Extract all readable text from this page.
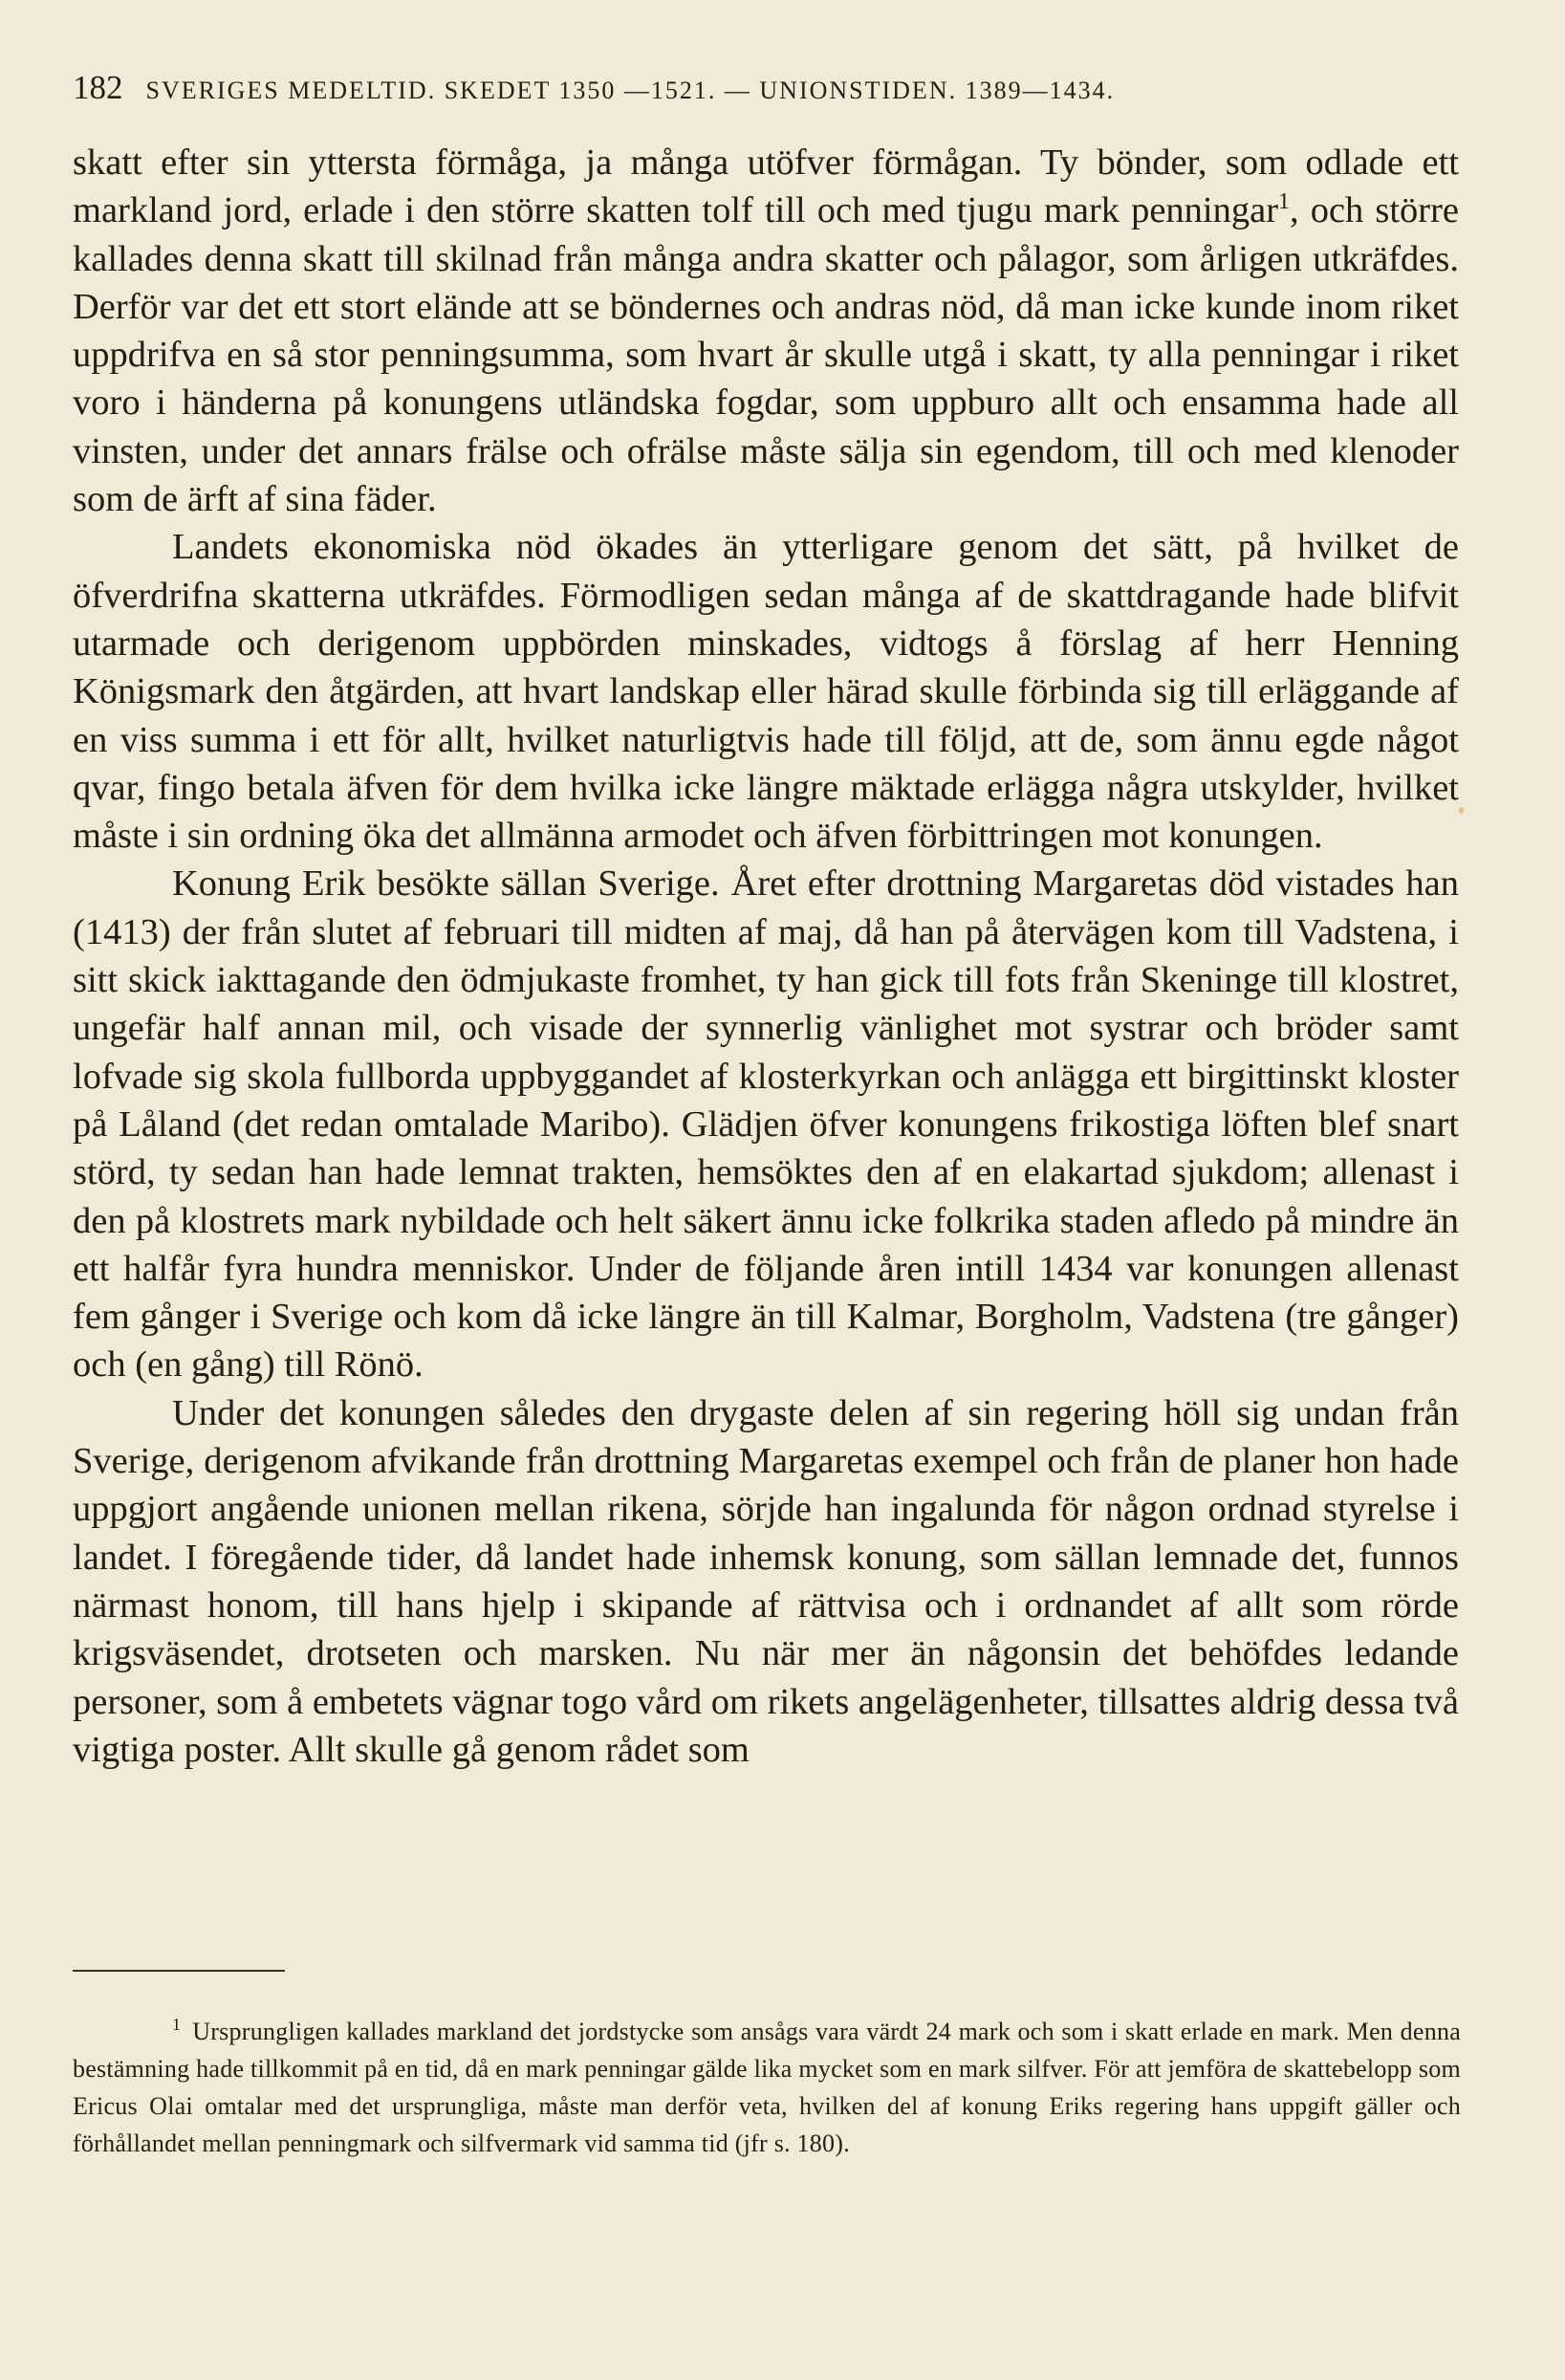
182 SVERIGES MEDELTID. SKEDET 1350 —1521. — UNIONSTIDEN. 1389—1434.

skatt efter sin yttersta förmåga, ja många utöfver förmågan. Ty bönder, som odlade ett markland jord, erlade i den större skatten tolf till och med tjugu mark penningar$^1$, och större kallades denna skatt till skilnad från många andra skatter och pålagor, som årligen utkräfdes. Derför var det ett stort elände att se böndernes och andras nöd, då man icke kunde inom riket uppdrifva en så stor penningsumma, som hvart år skulle utgå i skatt, ty alla penningar i riket voro i händerna på konungens utländska fogdar, som uppburo allt och ensamma hade all vinsten, under det annars frälse och ofrälse måste sälja sin egendom, till och med klenoder som de ärft af sina fäder.

Landets ekonomiska nöd ökades än ytterligare genom det sätt, på hvilket de öfverdrifna skatterna utkräfdes. Förmodligen sedan många af de skattdragande hade blifvit utarmade och derigenom uppbörden minskades, vidtogs å förslag af herr Henning Königsmark den åtgärden, att hvart landskap eller härad skulle förbinda sig till erläggande af en viss summa i ett för allt, hvilket naturligtvis hade till följd, att de, som ännu egde något qvar, fingo betala äfven för dem hvilka icke längre mäktade erlägga några utskylder, hvilket måste i sin ordning öka det allmänna armodet och äfven förbittringen mot konungen.

Konung Erik besökte sällan Sverige. Året efter drottning Margaretas död vistades han (1413) der från slutet af februari till midten af maj, då han på återvägen kom till Vadstena, i sitt skick iakttagande den ödmjukaste fromhet, ty han gick till fots från Skeninge till klostret, ungefär half annan mil, och visade der synnerlig vänlighet mot systrar och bröder samt lofvade sig skola fullborda uppbyggandet af klosterkyrkan och anlägga ett birgittinskt kloster på Låland (det redan omtalade Maribo). Glädjen öfver konungens frikostiga löften blef snart störd, ty sedan han hade lemnat trakten, hemsöktes den af en elakartad sjukdom; allenast i den på klostrets mark nybildade och helt säkert ännu icke folkrika staden afledo på mindre än ett halfår fyra hundra menniskor. Under de följande åren intill 1434 var konungen allenast fem gånger i Sverige och kom då icke längre än till Kalmar, Borgholm, Vadstena (tre gånger) och (en gång) till Rönö.

Under det konungen således den drygaste delen af sin regering höll sig undan från Sverige, derigenom afvikande från drottning Margaretas exempel och från de planer hon hade uppgjort angående unionen mellan rikena, sörjde han ingalunda för någon ordnad styrelse i landet. I föregående tider, då landet hade inhemsk konung, som sällan lemnade det, funnos närmast honom, till hans hjelp i skipande af rättvisa och i ordnandet af allt som rörde krigsväsendet, drotseten och marsken. Nu när mer än någonsin det behöfdes ledande personer, som å embetets vägnar togo vård om rikets angelägenheter, tillsattes aldrig dessa två vigtiga poster. Allt skulle gå genom rådet som

$^1$ Ursprungligen kallades markland det jordstycke som ansågs vara värdt 24 mark och som i skatt erlade en mark. Men denna bestämning hade tillkommit på en tid, då en mark penningar gälde lika mycket som en mark silfver. För att jemföra de skattebelopp som Ericus Olai omtalar med det ursprungliga, måste man derför veta, hvilken del af konung Eriks regering hans uppgift gäller och förhållandet mellan penningmark och silfvermark vid samma tid (jfr s. 180).
